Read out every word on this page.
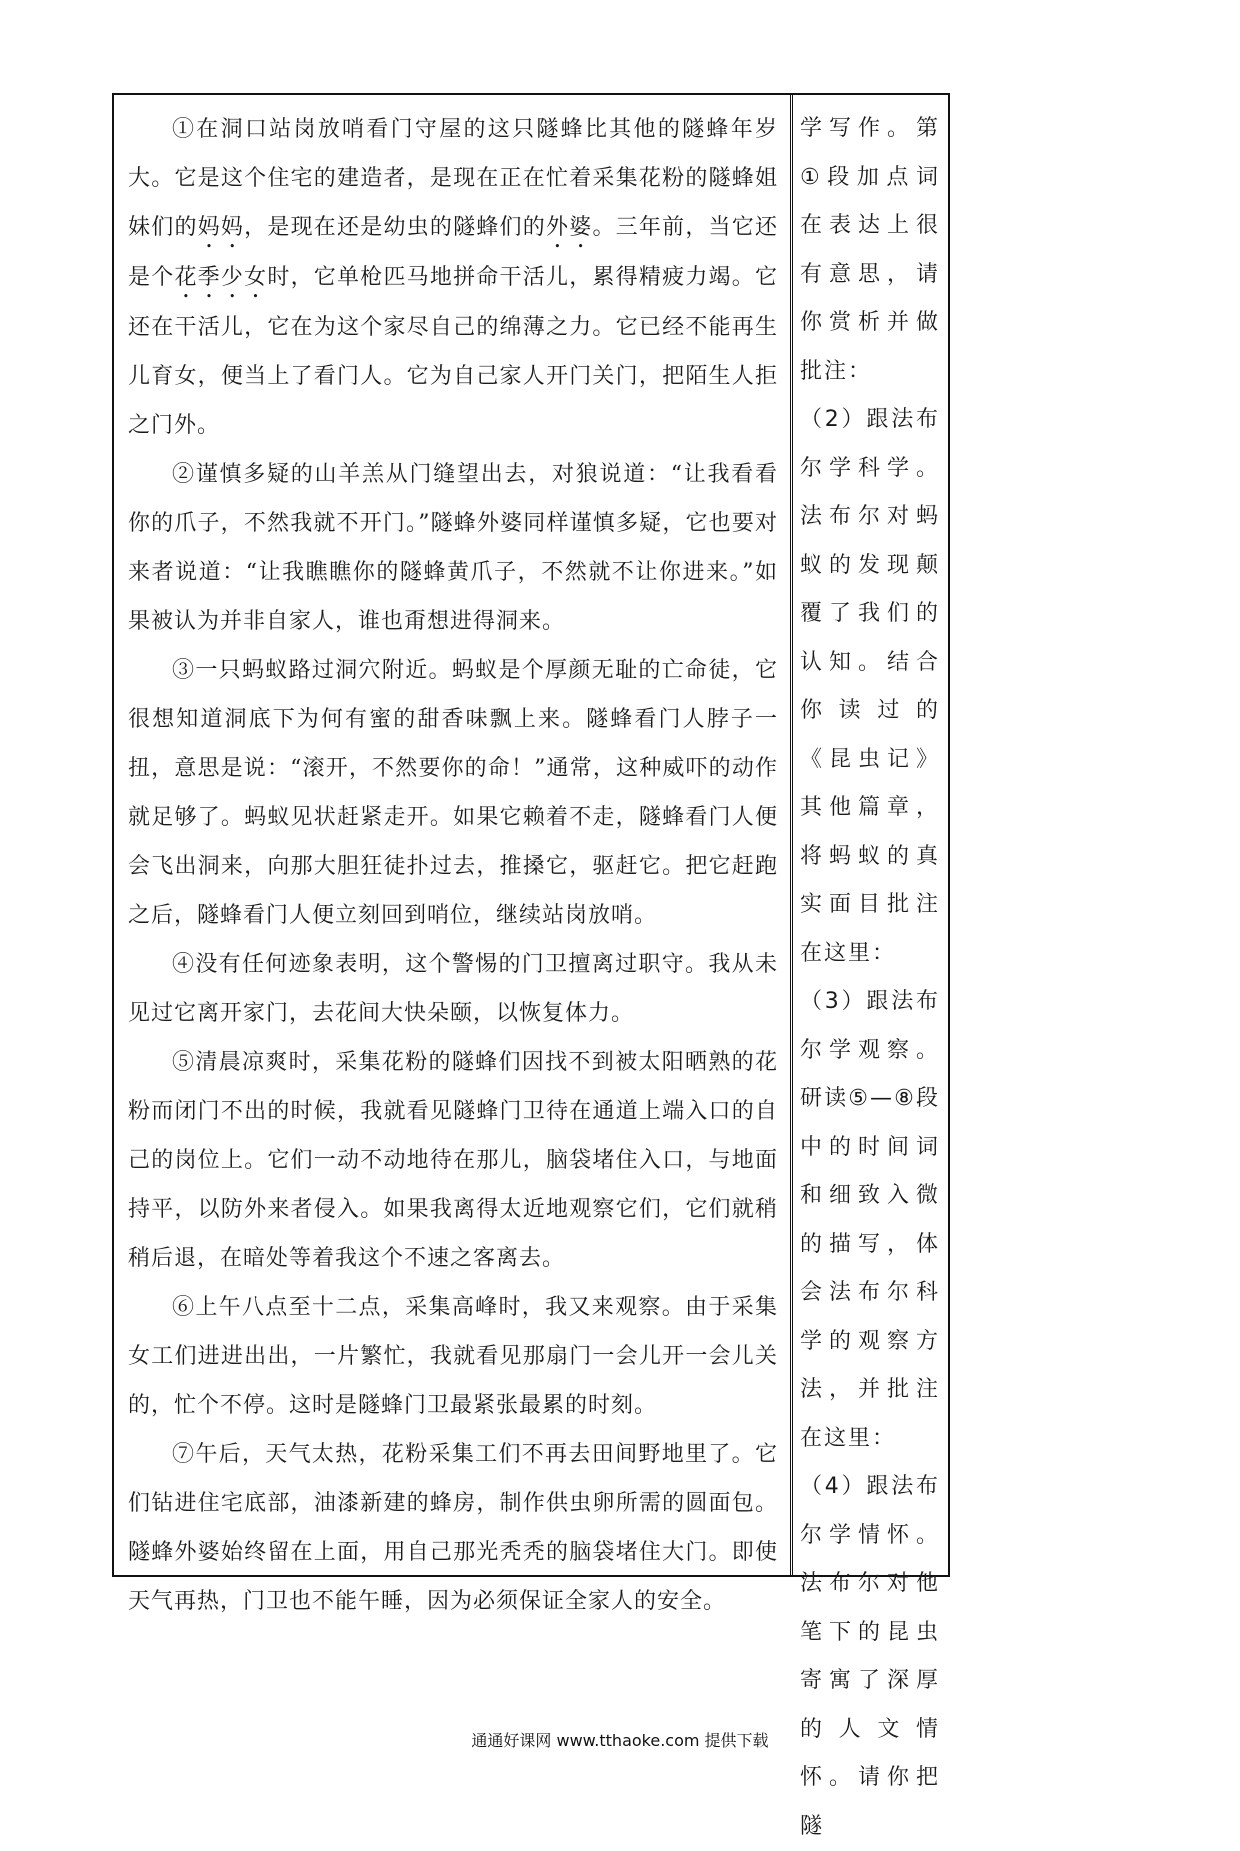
①在洞口站岗放哨看门守屋的这只隧蜂比其他的隧蜂年岁大。它是这个住宅的建造者，是现在正在忙着采集花粉的隧蜂姐妹们的妈妈，是现在还是幼虫的隧蜂们的外婆。三年前，当它还是个花季少女时，它单枪匹马地拼命干活儿，累得精疲力竭。它还在干活儿，它在为这个家尽自己的绵薄之力。它已经不能再生儿育女，便当上了看门人。它为自己家人开门关门，把陌生人拒之门外。

②谨慎多疑的山羊羔从门缝望出去，对狼说道：“让我看看你的爪子，不然我就不开门。”隧蜂外婆同样谨慎多疑，它也要对来者说道：“让我瞧瞧你的隧蜂黄爪子，不然就不让你进来。”如果被认为并非自家人，谁也甭想进得洞来。

③一只蚂蚁路过洞穴附近。蚂蚁是个厚颜无耻的亡命徒，它很想知道洞底下为何有蜜的甜香味飘上来。隧蜂看门人脖子一扭，意思是说：“滚开，不然要你的命！”通常，这种威吓的动作就足够了。蚂蚁见状赶紧走开。如果它赖着不走，隧蜂看门人便会飞出洞来，向那大胆狂徒扑过去，推搡它，驱赶它。把它赶跑之后，隧蜂看门人便立刻回到哨位，继续站岗放哨。

④没有任何迹象表明，这个警惕的门卫擅离过职守。我从未见过它离开家门，去花间大快朵颐，以恢复体力。

⑤清晨凉爽时，采集花粉的隧蜂们因找不到被太阳晒熟的花粉而闭门不出的时候，我就看见隧蜂门卫待在通道上端入口的自己的岗位上。它们一动不动地待在那儿，脑袋堵住入口，与地面持平，以防外来者侵入。如果我离得太近地观察它们，它们就稍稍后退，在暗处等着我这个不速之客离去。

⑥上午八点至十二点，采集高峰时，我又来观察。由于采集女工们进进出出，一片繁忙，我就看见那扇门一会儿开一会儿关的，忙个不停。这时是隧蜂门卫最紧张最累的时刻。

⑦午后，天气太热，花粉采集工们不再去田间野地里了。它们钻进住宅底部，油漆新建的蜂房，制作供虫卵所需的圆面包。隧蜂外婆始终留在上面，用自己那光秃秃的脑袋堵住大门。即使天气再热，门卫也不能午睡，因为必须保证全家人的安全。

学写作。第①段加点词在表达上很有意思，请你赏析并做批注：

（2）跟法布尔学科学。法布尔对蚂蚁的发现颠覆了我们的认知。结合你读过的《昆虫记》其他篇章，将蚂蚁的真实面目批注在这里：

（3）跟法布尔学观察。研读⑤—⑧段中的时间词和细致入微的描写，体会法布尔科学的观察方法，并批注在这里：

（4）跟法布尔学情怀。法布尔对他笔下的昆虫寄寓了深厚的人文情怀。请你把隧

通通好课网 www.tthaoke.com 提供下载
